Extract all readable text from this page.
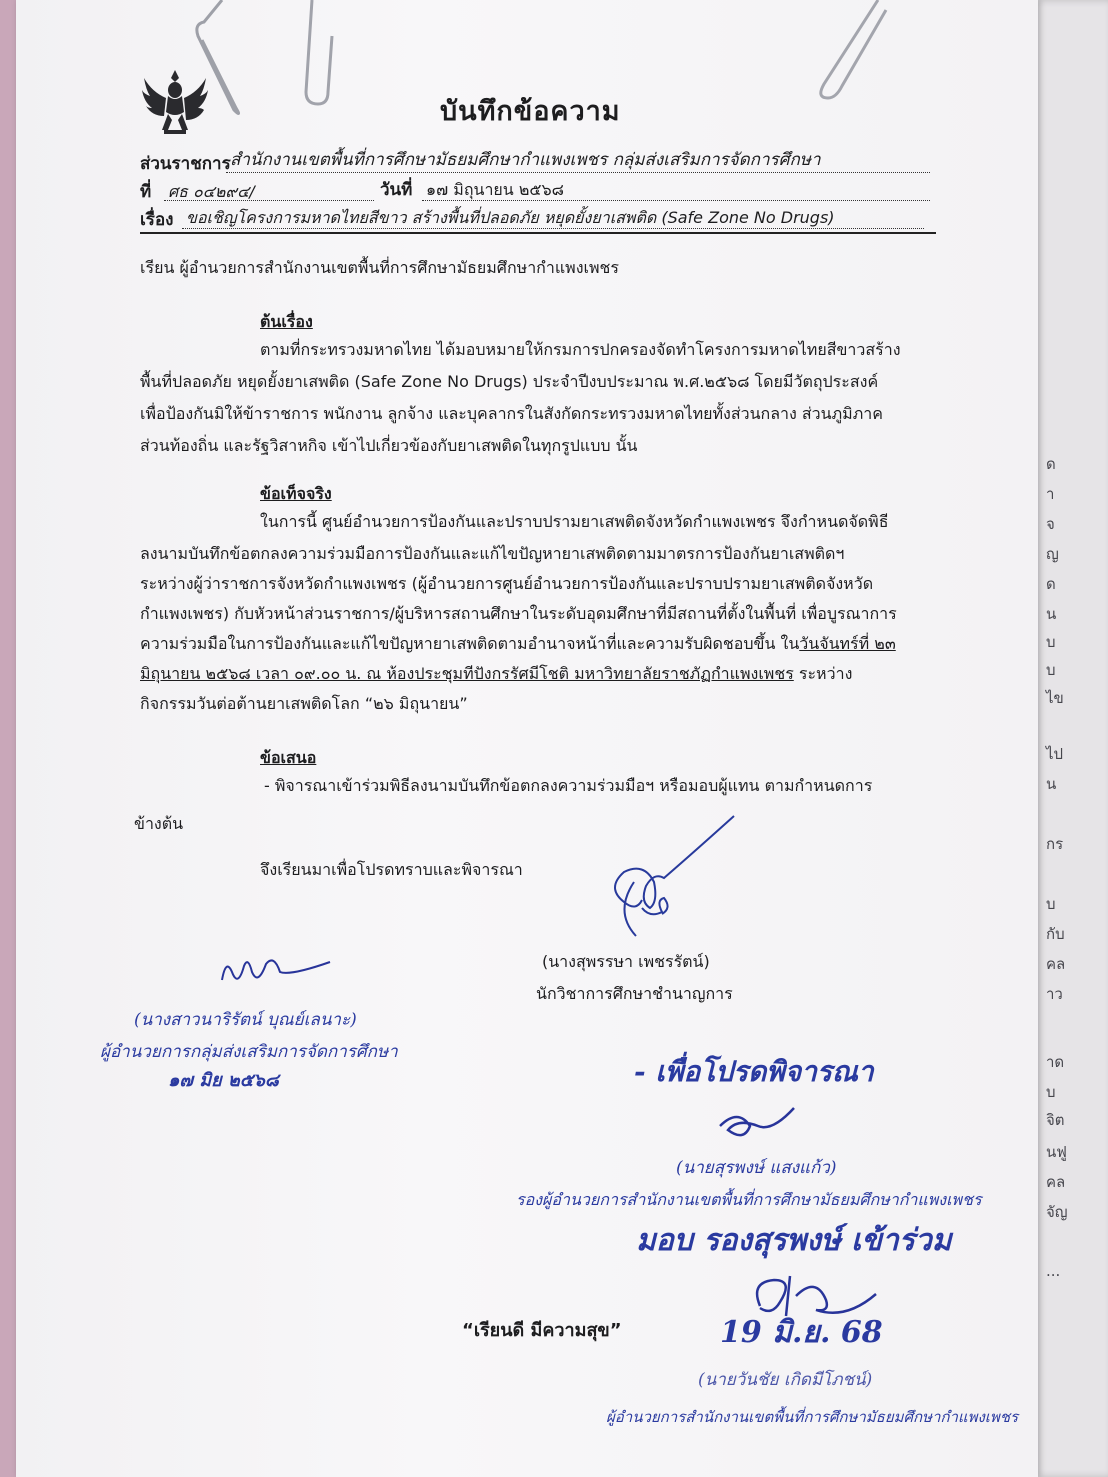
ด
า
จ
ญ
ด
น
บ
บ
ไข
ไป
น
กร
บ
กับ
คล
าว
าด
บ
จิต
นฟู
คล
จัญ
...
บันทึกข้อความ
ส่วนราชการ สำนักงานเขตพื้นที่การศึกษามัธยมศึกษากำแพงเพชร กลุ่มส่งเสริมการจัดการศึกษา
ที่ ศธ ๐๔๒๙๔/	วันที่ ๑๗ มิถุนายน ๒๕๖๘
เรื่อง ขอเชิญโครงการมหาดไทยสีขาว สร้างพื้นที่ปลอดภัย หยุดยั้งยาเสพติด (Safe Zone No Drugs)
เรียน ผู้อำนวยการสำนักงานเขตพื้นที่การศึกษามัธยมศึกษากำแพงเพชร
ต้นเรื่อง
ตามที่กระทรวงมหาดไทย ได้มอบหมายให้กรมการปกครองจัดทำโครงการมหาดไทยสีขาวสร้าง
พื้นที่ปลอดภัย หยุดยั้งยาเสพติด (Safe Zone No Drugs) ประจำปีงบประมาณ พ.ศ.๒๕๖๘ โดยมีวัตถุประสงค์
เพื่อป้องกันมิให้ข้าราชการ พนักงาน ลูกจ้าง และบุคลากรในสังกัดกระทรวงมหาดไทยทั้งส่วนกลาง ส่วนภูมิภาค
ส่วนท้องถิ่น และรัฐวิสาหกิจ เข้าไปเกี่ยวข้องกับยาเสพติดในทุกรูปแบบ นั้น
ข้อเท็จจริง
ในการนี้ ศูนย์อำนวยการป้องกันและปราบปรามยาเสพติดจังหวัดกำแพงเพชร จึงกำหนดจัดพิธี
ลงนามบันทึกข้อตกลงความร่วมมือการป้องกันและแก้ไขปัญหายาเสพติดตามมาตรการป้องกันยาเสพติดฯ
ระหว่างผู้ว่าราชการจังหวัดกำแพงเพชร (ผู้อำนวยการศูนย์อำนวยการป้องกันและปราบปรามยาเสพติดจังหวัด
กำแพงเพชร) กับหัวหน้าส่วนราชการ/ผู้บริหารสถานศึกษาในระดับอุดมศึกษาที่มีสถานที่ตั้งในพื้นที่ เพื่อบูรณาการ
ความร่วมมือในการป้องกันและแก้ไขปัญหายาเสพติดตามอำนาจหน้าที่และความรับผิดชอบขึ้น ในวันจันทร์ที่ ๒๓
มิถุนายน ๒๕๖๘ เวลา ๐๙.๐๐ น. ณ ห้องประชุมทีปังกรรัศมีโชติ มหาวิทยาลัยราชภัฏกำแพงเพชร ระหว่าง
กิจกรรมวันต่อต้านยาเสพติดโลก “๒๖ มิถุนายน”
ข้อเสนอ
- พิจารณาเข้าร่วมพิธีลงนามบันทึกข้อตกลงความร่วมมือฯ หรือมอบผู้แทน ตามกำหนดการ
ข้างต้น
จึงเรียนมาเพื่อโปรดทราบและพิจารณา
(นางสุพรรษา เพชรรัตน์)
นักวิชาการศึกษาชำนาญการ
(นางสาวนาริรัตน์ บุณย์เลนาะ)
ผู้อำนวยการกลุ่มส่งเสริมการจัดการศึกษา
๑๗ มิย ๒๕๖๘	- เพื่อโปรดพิจารณา
(นายสุรพงษ์ แสงแก้ว)
รองผู้อำนวยการสำนักงานเขตพื้นที่การศึกษามัธยมศึกษากำแพงเพชร
มอบ รองสุรพงษ์ เข้าร่วม
“เรียนดี มีความสุข”	19 มิ.ย. 68
(นายวันชัย เกิดมีโภชน์)
ผู้อำนวยการสำนักงานเขตพื้นที่การศึกษามัธยมศึกษากำแพงเพชร
